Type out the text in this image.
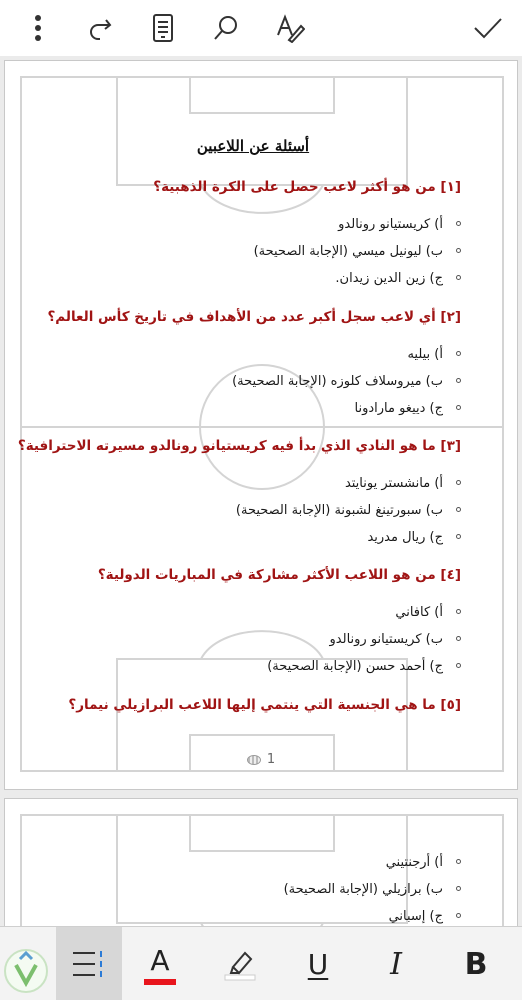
أسئلة عن اللاعبين
[١] من هو أكثر لاعب حصل على الكرة الذهبية؟
أ) كريستيانو رونالدو
ب) ليونيل ميسي (الإجابة الصحيحة)
ج) زين الدين زيدان.
[٢] أي لاعب سجل أكبر عدد من الأهداف في تاريخ كأس العالم؟
أ) بيليه
ب) ميروسلاف كلوزه (الإجابة الصحيحة)
ج) دييغو مارادونا
[٣] ما هو النادي الذي بدأ فيه كريستيانو رونالدو مسيرته الاحترافية؟
أ) مانشستر يونايتد
ب) سبورتينغ لشبونة (الإجابة الصحيحة)
ج) ريال مدريد
[٤] من هو اللاعب الأكثر مشاركة في المباريات الدولية؟
أ) كافاني
ب) كريستيانو رونالدو
ج) أحمد حسن (الإجابة الصحيحة)
[٥] ما هي الجنسية التي ينتمي إليها اللاعب البرازيلي نيمار؟
1
أ) أرجنتيني
ب) برازيلي (الإجابة الصحيحة)
ج) إسباني
A	U I B
